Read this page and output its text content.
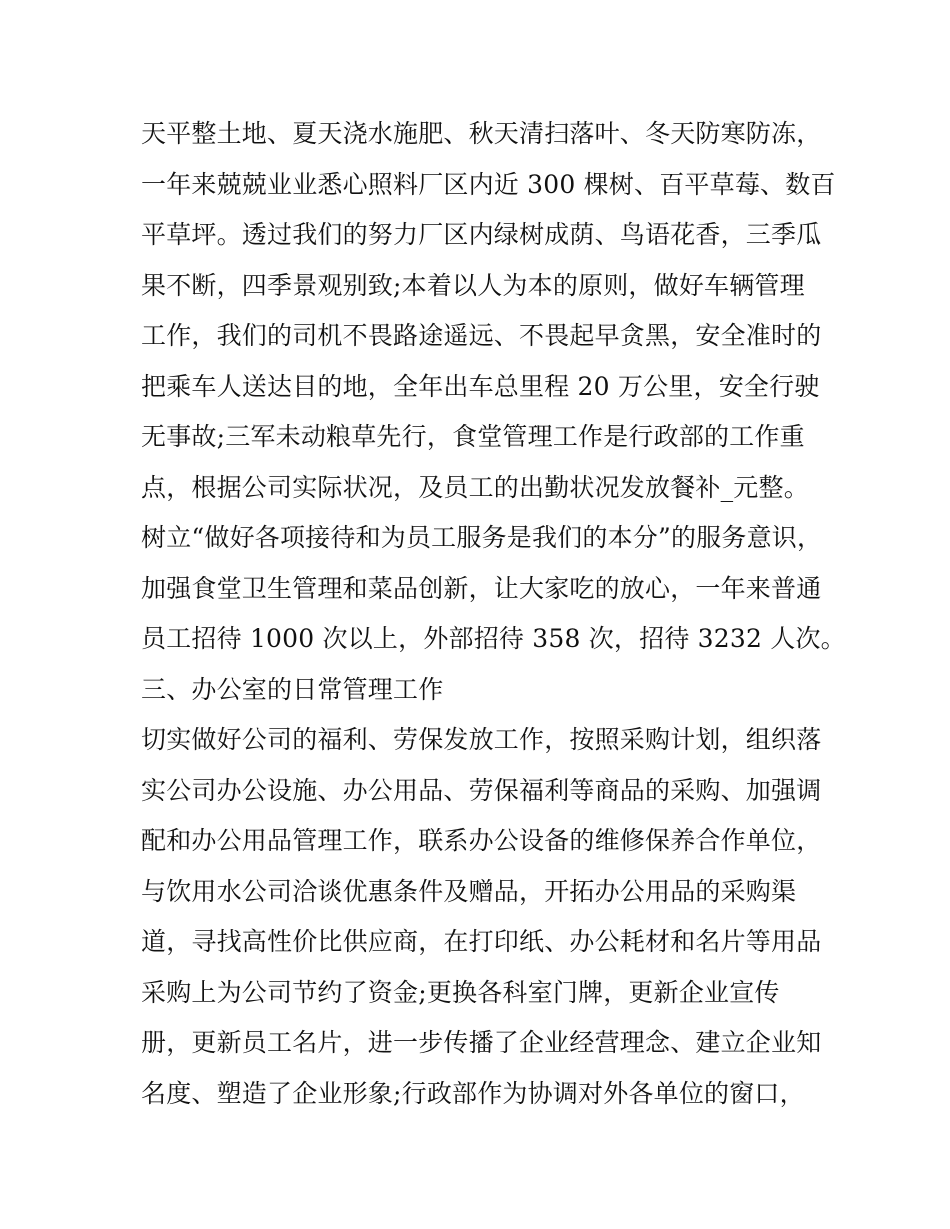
天平整土地、夏天浇水施肥、秋天清扫落叶、冬天防寒防冻，
一年来兢兢业业悉心照料厂区内近 300 棵树、百平草莓、数百
平草坪。透过我们的努力厂区内绿树成荫、鸟语花香，三季瓜
果不断，四季景观别致;本着以人为本的原则，做好车辆管理
工作，我们的司机不畏路途遥远、不畏起早贪黑，安全准时的
把乘车人送达目的地，全年出车总里程 20 万公里，安全行驶
无事故;三军未动粮草先行，食堂管理工作是行政部的工作重
点，根据公司实际状况，及员工的出勤状况发放餐补_元整。
树立“做好各项接待和为员工服务是我们的本分”的服务意识，
加强食堂卫生管理和菜品创新，让大家吃的放心，一年来普通
员工招待 1000 次以上，外部招待 358 次，招待 3232 人次。
三、办公室的日常管理工作
切实做好公司的福利、劳保发放工作，按照采购计划，组织落
实公司办公设施、办公用品、劳保福利等商品的采购、加强调
配和办公用品管理工作，联系办公设备的维修保养合作单位，
与饮用水公司洽谈优惠条件及赠品，开拓办公用品的采购渠
道，寻找高性价比供应商，在打印纸、办公耗材和名片等用品
采购上为公司节约了资金;更换各科室门牌，更新企业宣传
册，更新员工名片，进一步传播了企业经营理念、建立企业知
名度、塑造了企业形象;行政部作为协调对外各单位的窗口，
